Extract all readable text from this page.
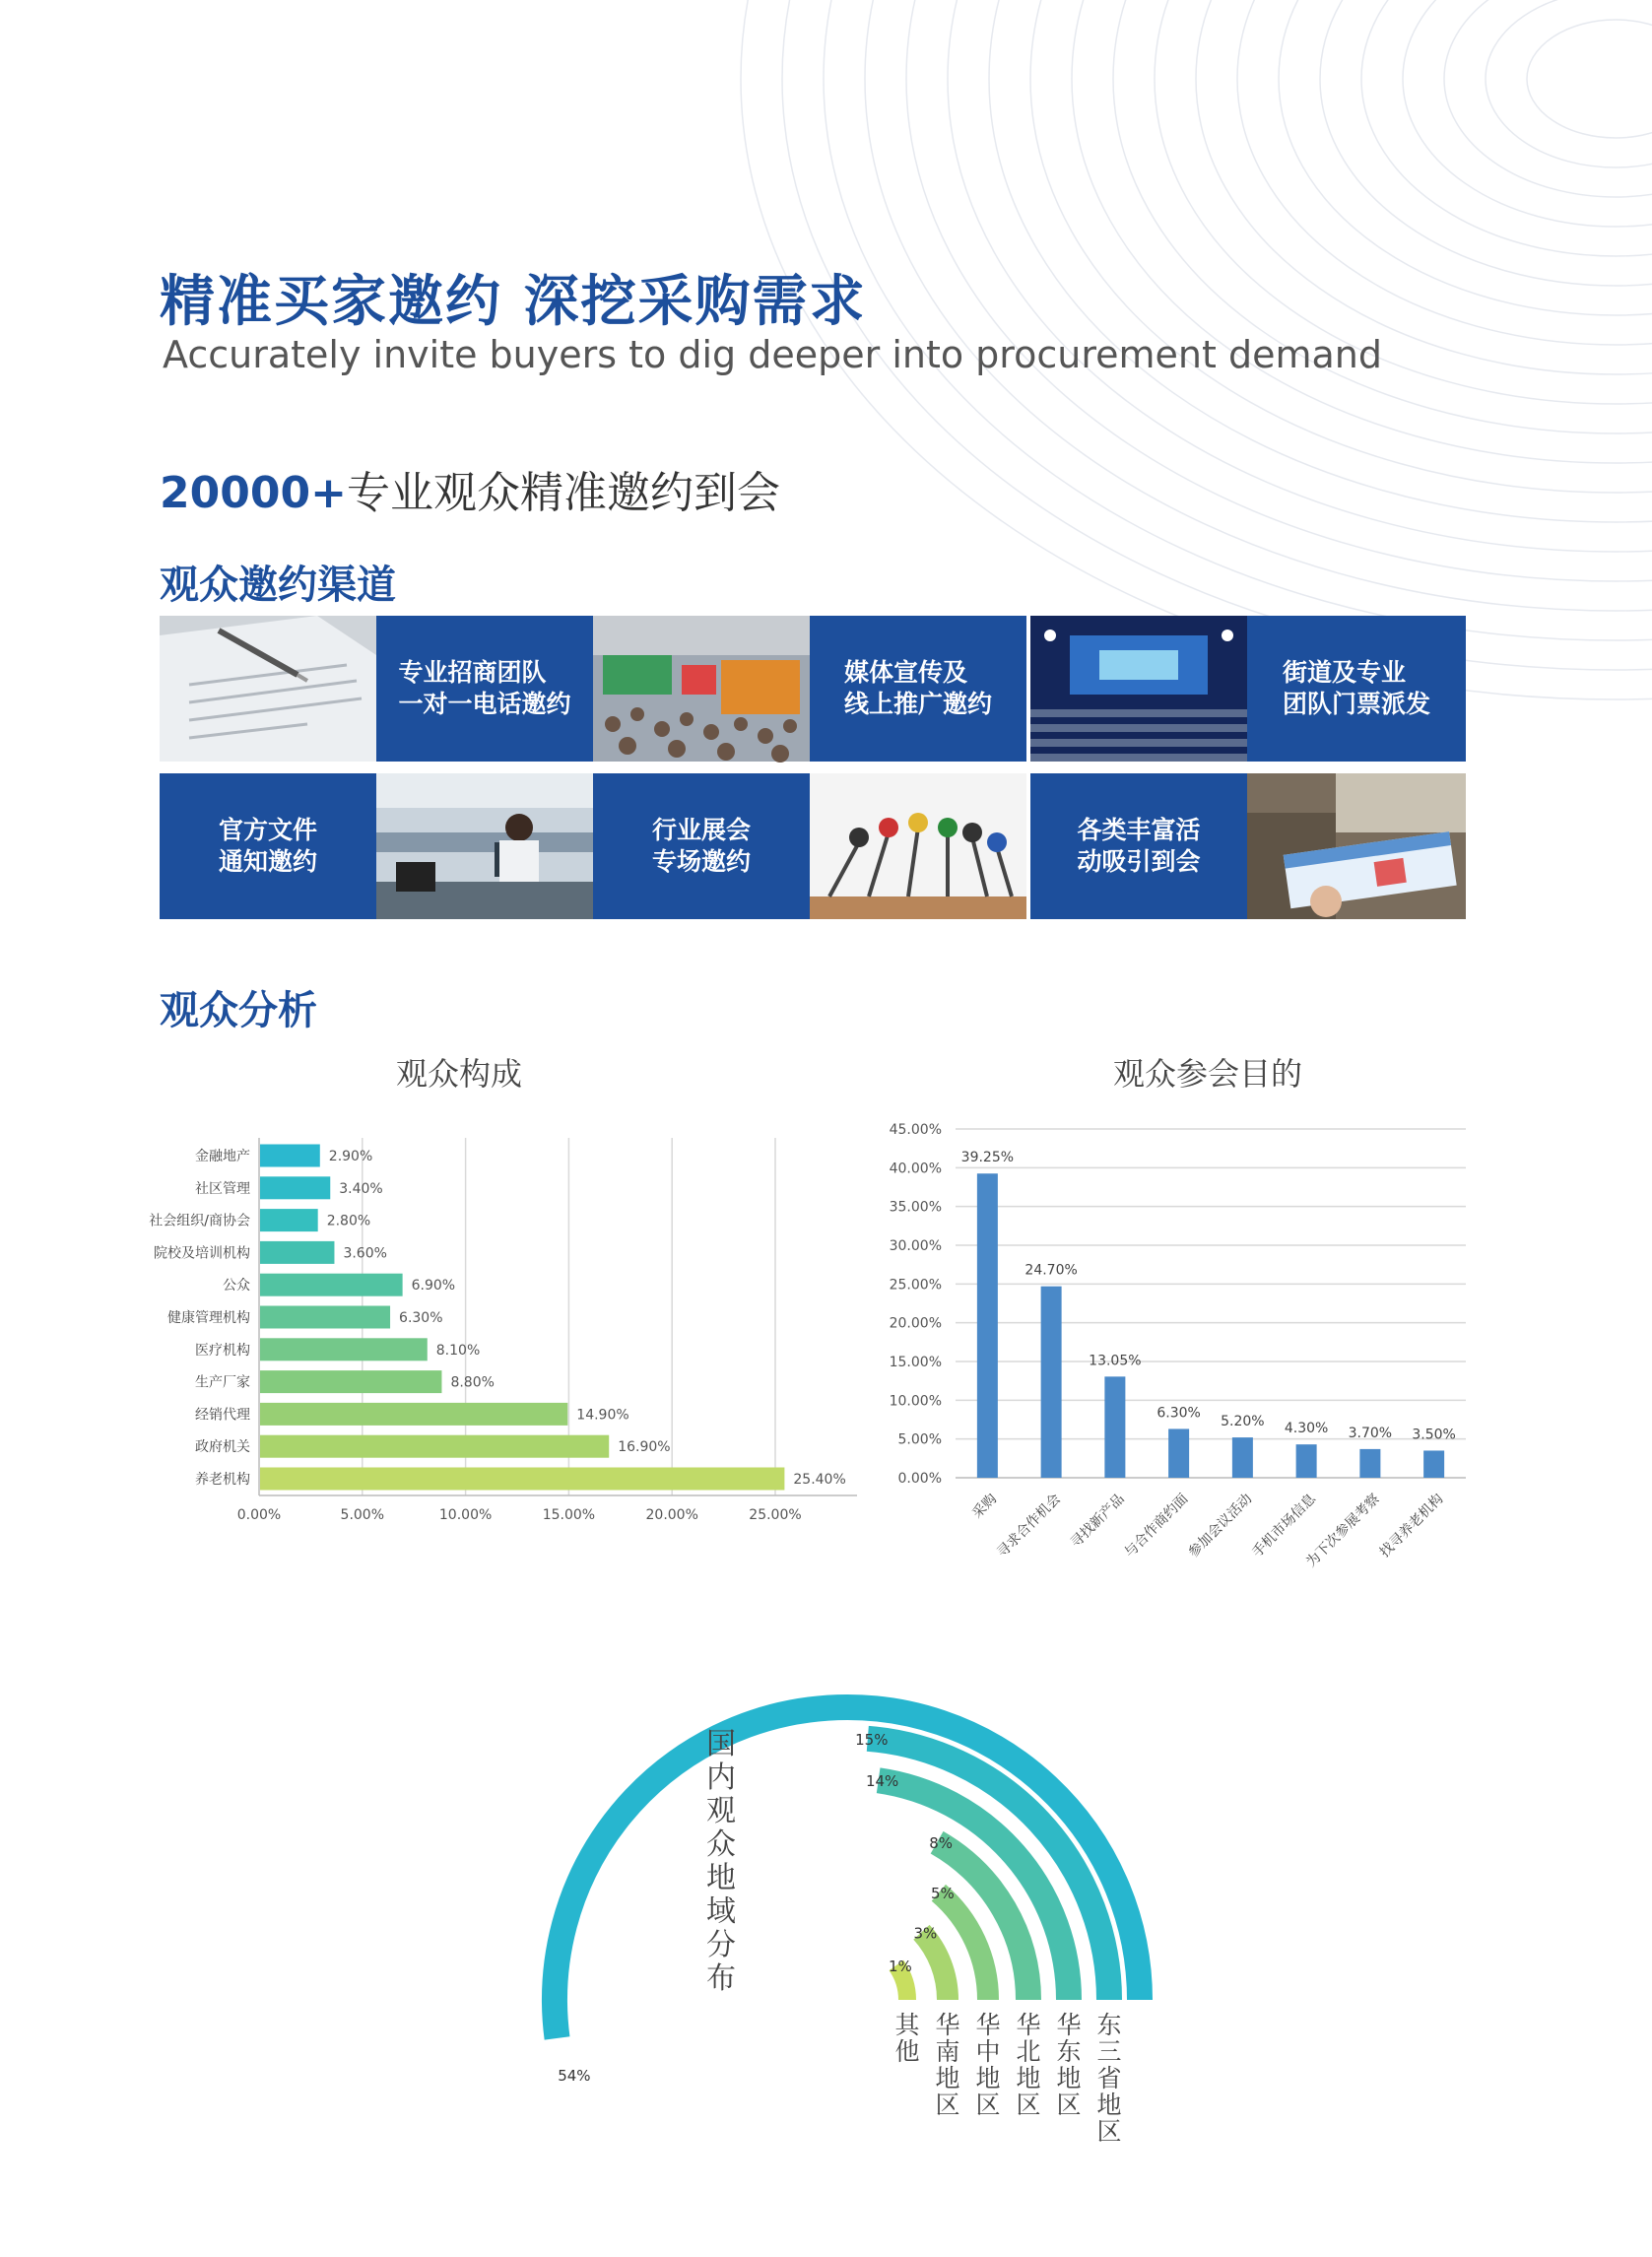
精准买家邀约 深挖采购需求
Accurately invite buyers to dig deeper into procurement demand
20000+专业观众精准邀约到会
观众邀约渠道
专业招商团队
一对一电话邀约
媒体宣传及
线上推广邀约
街道及专业
团队门票派发
官方文件
通知邀约
行业展会
专场邀约
各类丰富活
动吸引到会
观众分析
观众构成	观众参会目的
0.00%	5.00%	10.00%	15.00%	20.00%	25.00%
金融地产	2.90%
社区管理	3.40%
社会组织/商协会	2.80%
院校及培训机构	3.60%
公众	6.90%
健康管理机构	6.30%
医疗机构	8.10%
生产厂家	8.80%
经销代理	14.90%
政府机关	16.90%
养老机构	25.40%	0.00%
5.00%
10.00%
15.00%
20.00%
25.00%
30.00%
35.00%
40.00%
45.00%
39.25%
采购
24.70%
寻求合作机会
13.05%
寻找新产品
6.30%
与合作商约面
5.20%
参加会议活动
4.30%
手机市场信息
3.70%
为下次参展考察
3.50%
找寻养老机构
54%
15%
14%
8%
5%
3%
1%
东
三
省
地
区
华
东
地
区
华
北
地
区
华
中
地
区
华
南
地
区
其
他
国
内
观
众
地
域
分
布
